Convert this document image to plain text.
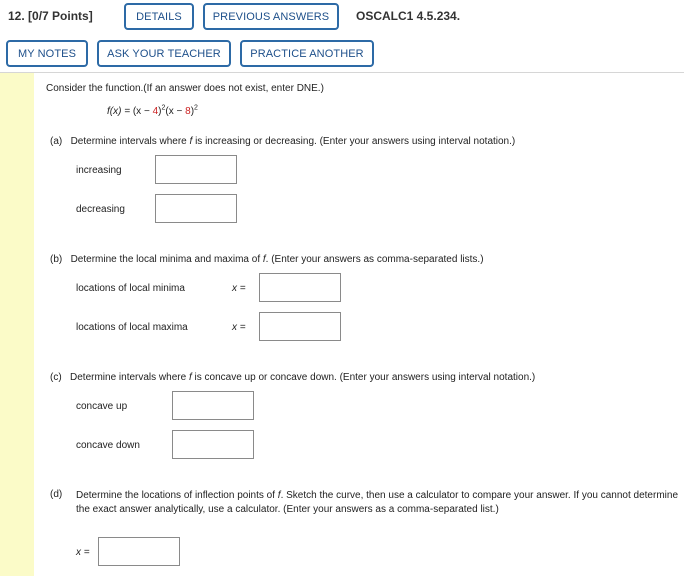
12. [0/7 Points]	DETAILS	PREVIOUS ANSWERS	OSCALC1 4.5.234.
MY NOTES	ASK YOUR TEACHER	PRACTICE ANOTHER
Consider the function.(If an answer does not exist, enter DNE.)
$f(x) = (x - 4)^2(x - 8)^2$
(a) Determine intervals where f is increasing or decreasing. (Enter your answers using interval notation.)
increasing
decreasing
(b) Determine the local minima and maxima of f. (Enter your answers as comma-separated lists.)
locations of local minima	x =
locations of local maxima	x =
(c) Determine intervals where f is concave up or concave down. (Enter your answers using interval notation.)
concave up
concave down
(d) Determine the locations of inflection points of f. Sketch the curve, then use a calculator to compare your answer. If you cannot determine the exact answer analytically, use a calculator. (Enter your answers as a comma-separated list.)
x =
